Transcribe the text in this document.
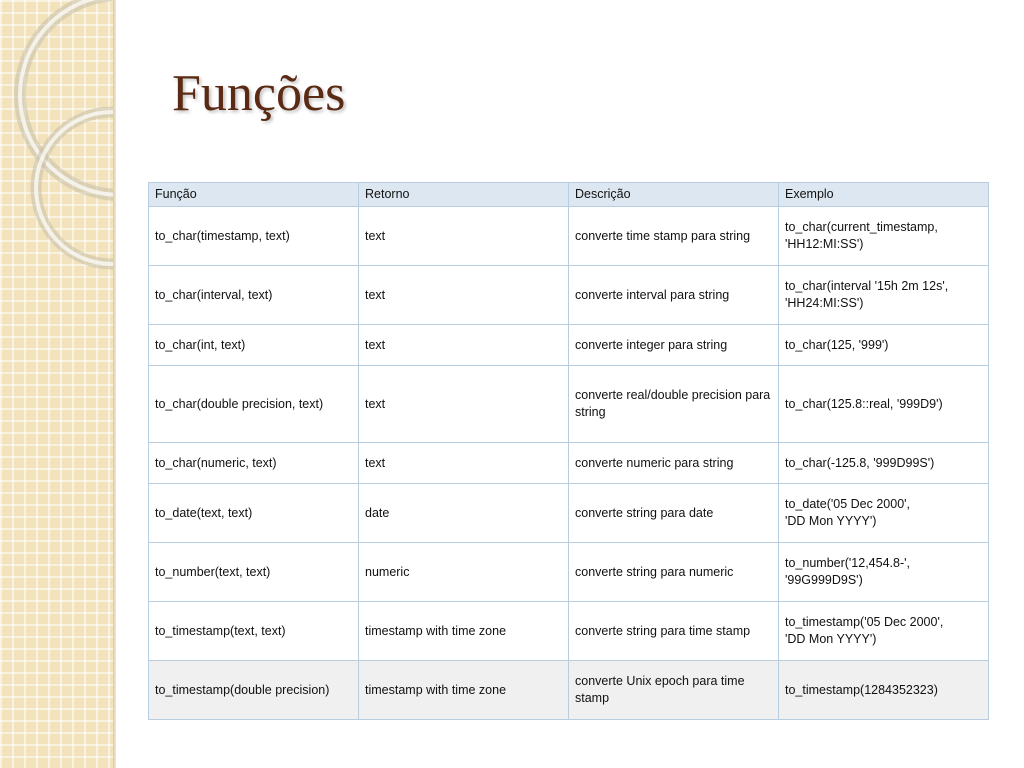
Funções
Função	Retorno	Descrição	Exemplo
to_char(timestamp, text)	text	converte time stamp para string	to_char(current_timestamp,
'HH12:MI:SS')
to_char(interval, text)	text	converte interval para string	to_char(interval '15h 2m 12s',
'HH24:MI:SS')
to_char(int, text)	text	converte integer para string	to_char(125, '999')
to_char(double precision, text)	text	converte real/double precision para string	to_char(125.8::real, '999D9')
to_char(numeric, text)	text	converte numeric para string	to_char(-125.8, '999D99S')
to_date(text, text)	date	converte string para date	to_date('05 Dec 2000',
'DD Mon YYYY')
to_number(text, text)	numeric	converte string para numeric	to_number('12,454.8-',
'99G999D9S')
to_timestamp(text, text)	timestamp with time zone	converte string para time stamp	to_timestamp('05 Dec 2000',
'DD Mon YYYY')
to_timestamp(double precision)	timestamp with time zone	converte Unix epoch para time stamp	to_timestamp(1284352323)
